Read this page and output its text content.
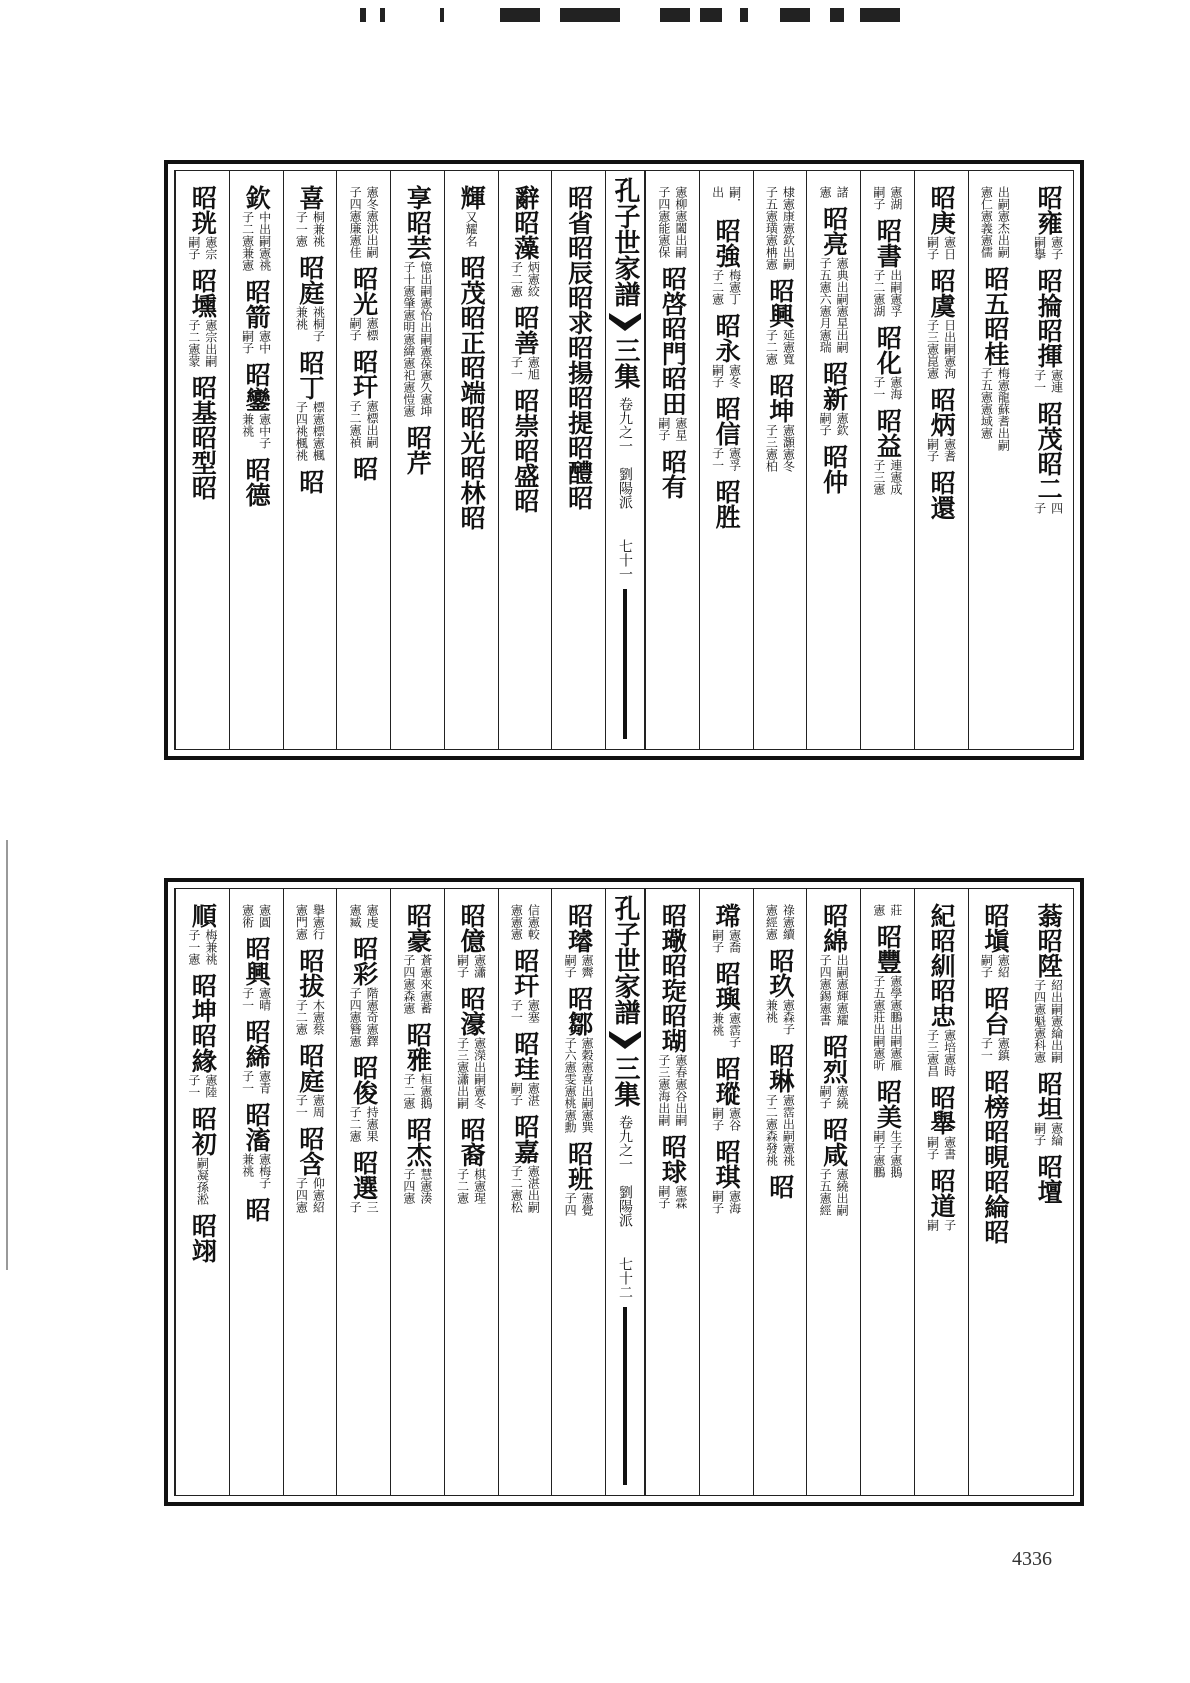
昭雍
憲子
嗣擧
昭掄
昭揮
憲連
子一
昭茂
昭二
四
子
出嗣憲杰出嗣
憲仁憲義憲儒
昭五
昭桂
梅憲龍蘇耆出嗣
子五憲憲域憲
昭庚
憲日
嗣子
昭虞
日出嗣憲洵
子三憲崑憲
昭炳
憲耆
嗣子
昭還
憲湖
嗣子
昭書
出嗣憲孚
子二憲湖
昭化
憲海
子一
昭益
連憲成
子三憲
諸
憲
昭亮
憲典出嗣憲星出嗣
子五憲六憲月憲瑞
昭新
憲欽
嗣子
昭仲
棣憲康憲欽出嗣
子五憲璜憲柟憲
昭興
延憲寬
子二憲
昭坤
憲灝憲冬
子三憲柏
嗣．
出
昭強
梅憲丁
子二憲
昭永
憲冬
嗣子
昭信
憲孚
子一
昭胜
憲柳憲闔出嗣
子四憲能憲保
昭啓
昭門
昭田
憲星
嗣子
昭有
孔子世家譜
三集
卷九之一
劉陽派
七十一
昭省
昭辰
昭求
昭揚
昭提
昭醴
昭
辭
昭藻
炳憲絞
子二憲
昭善
憲旭
子一
昭崇
昭盛
昭
輝
又耀名
昭茂
昭正
昭端
昭光
昭林
昭
享
昭芸
憶出嗣憲怡出嗣憲葆憲久憲坤
子十憲肇憲明憲緯憲祀憲愷憲
昭芹
憲冬憲洪出嗣
子四憲廉憲佳
昭光
憲標
嗣子
昭玕
憲標出嗣
子二憲禎
昭
喜
桐兼祧
子一憲
昭庭
祧桐子
兼祧
昭丁
標憲標憲楓
子四祧楓祧
昭
欽
中出嗣憲祧
子二憲兼憲
昭箭
憲中
嗣子
昭鑾
憲中子
兼祧
昭德
昭珖
憲宗
嗣子
昭壎
憲宗出嗣
子二憲蒙
昭基
昭型
昭
蓊
昭陞
紹出嗣憲綸出嗣
子四憲魁憲科憲
昭坦
憲綸
嗣子
昭壇
昭塡
憲紹
嗣子
昭台
憲鎮
子一
昭榜
昭晛
昭綸
昭
紀
昭紃
昭忠
憲培憲時
子三憲昌
昭舉
憲書
嗣子
昭道
子
嗣
莊
憲
昭豐
憲學憲鵬出嗣憲雁
子五憲莊出嗣憲昕
昭美
生子憲鵝
嗣子憲鵬
昭綿
出嗣憲輝憲耀
子四憲錫憲書
昭烈
憲繞
嗣子
昭咸
憲繞出嗣
子五憲經
祿憲續
憲經憲
昭玖
憲森子
兼祧
昭琳
憲霑出嗣憲祧
子二憲森發祧
昭
瑺
憲喬
嗣子
昭璵
憲霑子
兼祧
昭瑽
憲谷
嗣子
昭琪
憲海
嗣子
昭璥
昭琁
昭瑚
憲春憲谷出嗣
子三憲海出嗣
昭球
憲霖
嗣子
孔子世家譜
三集
卷九之一
劉陽派
七十二
昭璿
憲霽
嗣子
昭鄒
憲穀憲喜出嗣憲巽
子六憲雯憲桃憲勳
昭班
憲覺
子四
信憲較
憲憲憲
昭玕
憲塞
子一
昭珪
憲湛
嗣子
昭嘉
憲湛出嗣
子二憲松
昭億
憲瀟
嗣子
昭濠
憲濚出嗣憲冬
子三憲瀟出嗣
昭裔
棋憲瑆
子二憲
昭豪
蒼憲來憲蓄
子四憲森憲
昭雅
桓憲鵝
子二憲
昭杰
慧憲湊
子四憲
憲虔
憲臧
昭彩
階憲奇憲鐸
子四憲簪憲
昭俊
持憲果
子二憲
昭選
三
子
擧憲行
憲門憲
昭拔
木憲蔡
子二憲
昭庭
憲周
子一
昭含
仰憲紹
子四憲
憲圓
憲術
昭興
憲晴
子一
昭絺
憲青
子一
昭滀
憲梅子
兼祧
昭
順
梅兼祧
子一憲
昭坤
昭緣
憲陸
子一
昭初
嗣凝孫淞
昭翊
4336
